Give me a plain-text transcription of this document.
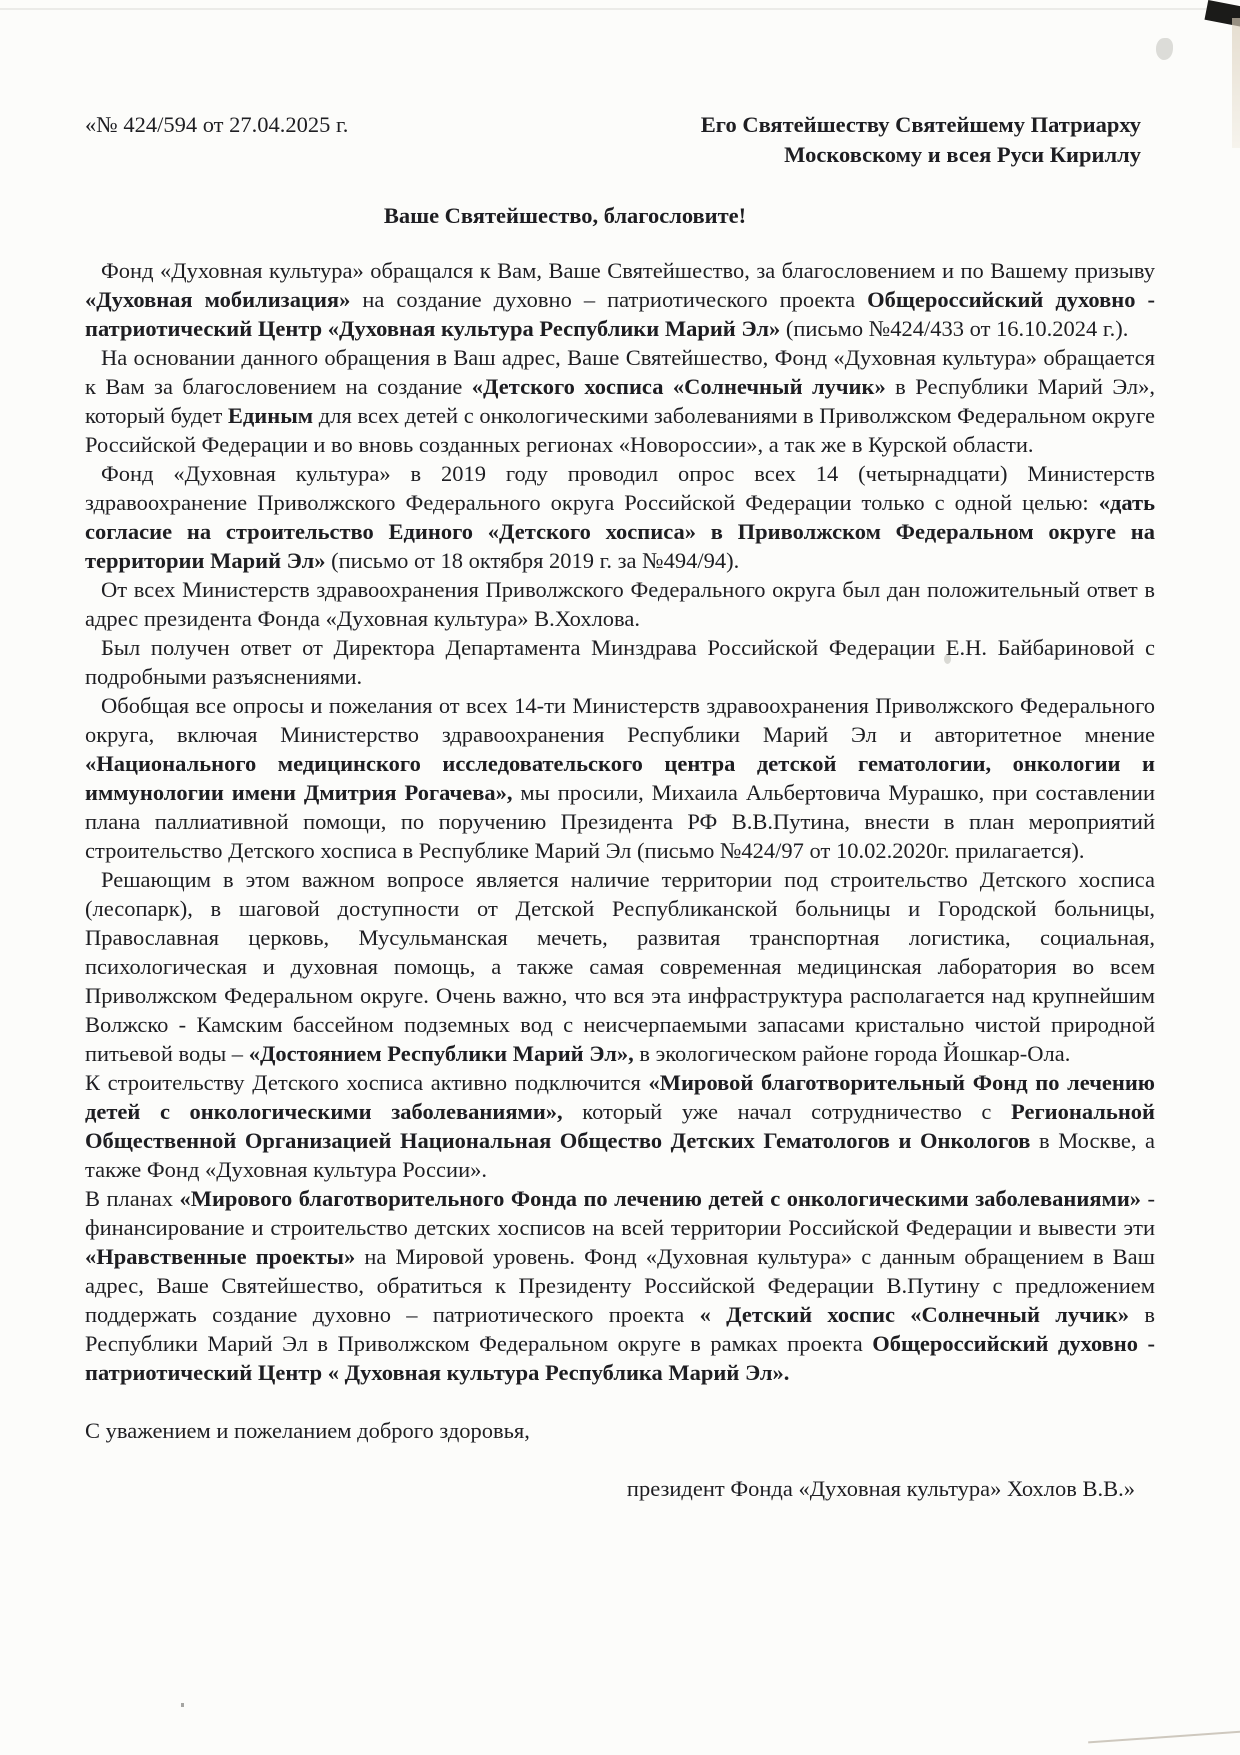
«№ 424/594 от 27.04.2025 г.	Его Святейшеству Святейшему Патриарху
Московскому и всея Руси Кириллу
Ваше Святейшество, благословите!

Фонд «Духовная культура» обращался к Вам, Ваше Святейшество, за благословением и по Вашему призыву «Духовная мобилизация» на создание духовно – патриотического проекта Общероссийский духовно - патриотический Центр «Духовная культура Республики Марий Эл» (письмо №424/433 от 16.10.2024 г.).

На основании данного обращения в Ваш адрес, Ваше Святейшество, Фонд «Духовная культура» обращается к Вам за благословением на создание «Детского хосписа «Солнечный лучик» в Республики Марий Эл», который будет Единым для всех детей с онкологическими заболеваниями в Приволжском Федеральном округе Российской Федерации и во вновь созданных регионах «Новороссии», а так же в Курской области.

Фонд «Духовная культура» в 2019 году проводил опрос всех 14 (четырнадцати) Министерств здравоохранение Приволжского Федерального округа Российской Федерации только с одной целью: «дать согласие на строительство Единого «Детского хосписа» в Приволжском Федеральном округе на территории Марий Эл» (письмо от 18 октября 2019 г. за №494/94).

От всех Министерств здравоохранения Приволжского Федерального округа был дан положительный ответ в адрес президента Фонда «Духовная культура» В.Хохлова.

Был получен ответ от Директора Департамента Минздрава Российской Федерации Е.Н. Байбариновой с подробными разъяснениями.

Обобщая все опросы и пожелания от всех 14-ти Министерств здравоохранения Приволжского Федерального округа, включая Министерство здравоохранения Республики Марий Эл и авторитетное мнение «Национального медицинского исследовательского центра детской гематологии, онкологии и иммунологии имени Дмитрия Рогачева», мы просили, Михаила Альбертовича Мурашко, при составлении плана паллиативной помощи, по поручению Президента РФ В.В.Путина, внести в план мероприятий строительство Детского хосписа в Республике Марий Эл (письмо №424/97 от 10.02.2020г. прилагается).

Решающим в этом важном вопросе является наличие территории под строительство Детского хосписа (лесопарк), в шаговой доступности от Детской Республиканской больницы и Городской больницы, Православная церковь, Мусульманская мечеть, развитая транспортная логистика, социальная, психологическая и духовная помощь, а также самая современная медицинская лаборатория во всем Приволжском Федеральном округе. Очень важно, что вся эта инфраструктура располагается над крупнейшим Волжско - Камским бассейном подземных вод с неисчерпаемыми запасами кристально чистой природной питьевой воды – «Достоянием Республики Марий Эл», в экологическом районе города Йошкар-Ола.

К строительству Детского хосписа активно подключится «Мировой благотворительный Фонд по лечению детей с онкологическими заболеваниями», который уже начал сотрудничество с Региональной Общественной Организацией Национальная Общество Детских Гематологов и Онкологов в Москве, а также Фонд «Духовная культура России».

В планах «Мирового благотворительного Фонда по лечению детей с онкологическими заболеваниями» - финансирование и строительство детских хосписов на всей территории Российской Федерации и вывести эти «Нравственные проекты» на Мировой уровень. Фонд «Духовная культура» с данным обращением в Ваш адрес, Ваше Святейшество, обратиться к Президенту Российской Федерации В.Путину с предложением поддержать создание духовно – патриотического проекта « Детский хоспис «Солнечный лучик» в Республики Марий Эл в Приволжском Федеральном округе в рамках проекта Общероссийский духовно - патриотический Центр « Духовная культура Республика Марий Эл».

С уважением и пожеланием доброго здоровья,
президент Фонда «Духовная культура» Хохлов В.В.»
